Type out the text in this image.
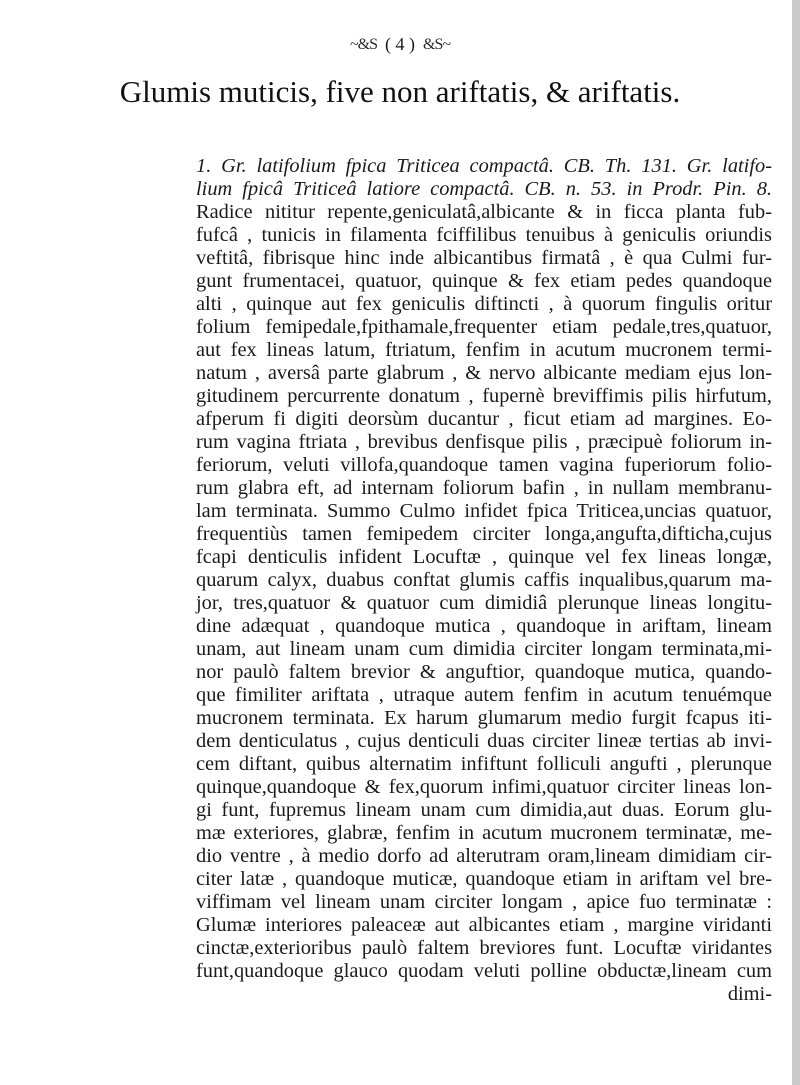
~&S ( 4 ) &S~
Glumis muticis, five non ariftatis, & ariftatis.
1. Gr. latifolium fpica Triticea compactâ. CB. Th. 131. Gr. latifo-
lium fpicâ Triticeâ latiore compactâ. CB. n. 53. in Prodr. Pin. 8.
Radice nititur repente,geniculatâ,albicante & in ficca planta fub-
fufcâ , tunicis in filamenta fciffilibus tenuibus à geniculis oriundis
veftitâ, fibrisque hinc inde albicantibus firmatâ , è qua Culmi fur-
gunt frumentacei, quatuor, quinque & fex etiam pedes quandoque
alti , quinque aut fex geniculis diftincti , à quorum fingulis oritur
folium femipedale,fpithamale,frequenter etiam pedale,tres,quatuor,
aut fex lineas latum, ftriatum, fenfim in acutum mucronem termi-
natum , aversâ parte glabrum , & nervo albicante mediam ejus lon-
gitudinem percurrente donatum , fupernè breviffimis pilis hirfutum,
afperum fi digiti deorsùm ducantur , ficut etiam ad margines. Eo-
rum vagina ftriata , brevibus denfisque pilis , præcipuè foliorum in-
feriorum, veluti villofa,quandoque tamen vagina fuperiorum folio-
rum glabra eft, ad internam foliorum bafin , in nullam membranu-
lam terminata. Summo Culmo infidet fpica Triticea,uncias quatuor,
frequentiùs tamen femipedem circiter longa,angufta,difticha,cujus
fcapi denticulis infident Locuftæ , quinque vel fex lineas longæ,
quarum calyx, duabus conftat glumis caffis inqualibus,quarum ma-
jor, tres,quatuor & quatuor cum dimidiâ plerunque lineas longitu-
dine adæquat , quandoque mutica , quandoque in ariftam, lineam
unam, aut lineam unam cum dimidia circiter longam terminata,mi-
nor paulò faltem brevior & anguftior, quandoque mutica, quando-
que fimiliter ariftata , utraque autem fenfim in acutum tenuémque
mucronem terminata. Ex harum glumarum medio furgit fcapus iti-
dem denticulatus , cujus denticuli duas circiter lineæ tertias ab invi-
cem diftant, quibus alternatim infiftunt folliculi angufti , plerunque
quinque,quandoque & fex,quorum infimi,quatuor circiter lineas lon-
gi funt, fupremus lineam unam cum dimidia,aut duas. Eorum glu-
mæ exteriores, glabræ, fenfim in acutum mucronem terminatæ, me-
dio ventre , à medio dorfo ad alterutram oram,lineam dimidiam cir-
citer latæ , quandoque muticæ, quandoque etiam in ariftam vel bre-
viffimam vel lineam unam circiter longam , apice fuo terminatæ :
Glumæ interiores paleaceæ aut albicantes etiam , margine viridanti
cinctæ,exterioribus paulò faltem breviores funt. Locuftæ viridantes
funt,quandoque glauco quodam veluti polline obductæ,lineam cum
dimi-
